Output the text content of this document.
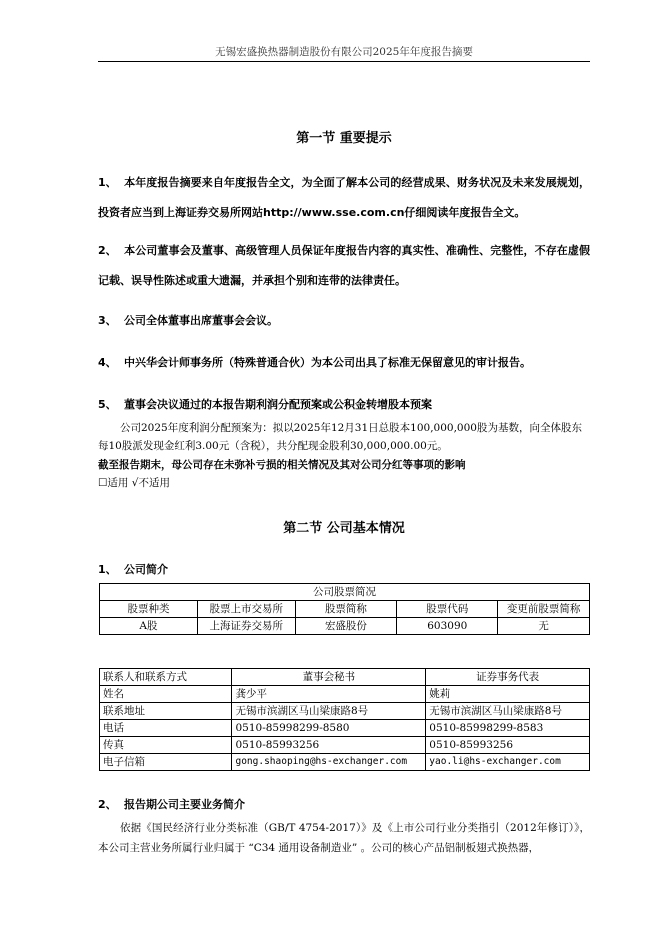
无锡宏盛换热器制造股份有限公司2025年年度报告摘要
第一节 重要提示
1、 本年度报告摘要来自年度报告全文，为全面了解本公司的经营成果、财务状况及未来发展规划，投资者应当到上海证券交易所网站http://www.sse.com.cn仔细阅读年度报告全文。
2、 本公司董事会及董事、高级管理人员保证年度报告内容的真实性、准确性、完整性，不存在虚假记载、误导性陈述或重大遗漏，并承担个别和连带的法律责任。
3、 公司全体董事出席董事会会议。
4、 中兴华会计师事务所（特殊普通合伙）为本公司出具了标准无保留意见的审计报告。
5、 董事会决议通过的本报告期利润分配预案或公积金转增股本预案
公司2025年度利润分配预案为：拟以2025年12月31日总股本100,000,000股为基数，向全体股东每10股派发现金红利3.00元（含税），共分配现金股利30,000,000.00元。
截至报告期末，母公司存在未弥补亏损的相关情况及其对公司分红等事项的影响
☐适用 √不适用
第二节 公司基本情况
1、 公司简介
公司股票简况				
股票种类	股票上市交易所	股票简称	股票代码	变更前股票简称
A股	上海证券交易所	宏盛股份	603090	无
联系人和联系方式	董事会秘书	证券事务代表
姓名	龚少平	姚莉
联系地址	无锡市滨湖区马山梁康路8号	无锡市滨湖区马山梁康路8号
电话	0510-85998299-8580	0510-85998299-8583
传真	0510-85993256	0510-85993256
电子信箱	gong.shaoping@hs-exchanger.com	yao.li@hs-exchanger.com
2、 报告期公司主要业务简介
依据《国民经济行业分类标准（GB/T 4754-2017）》及《上市公司行业分类指引（2012年修订）》，本公司主营业务所属行业归属于 “C34 通用设备制造业” 。公司的核心产品铝制板翅式换热器，
